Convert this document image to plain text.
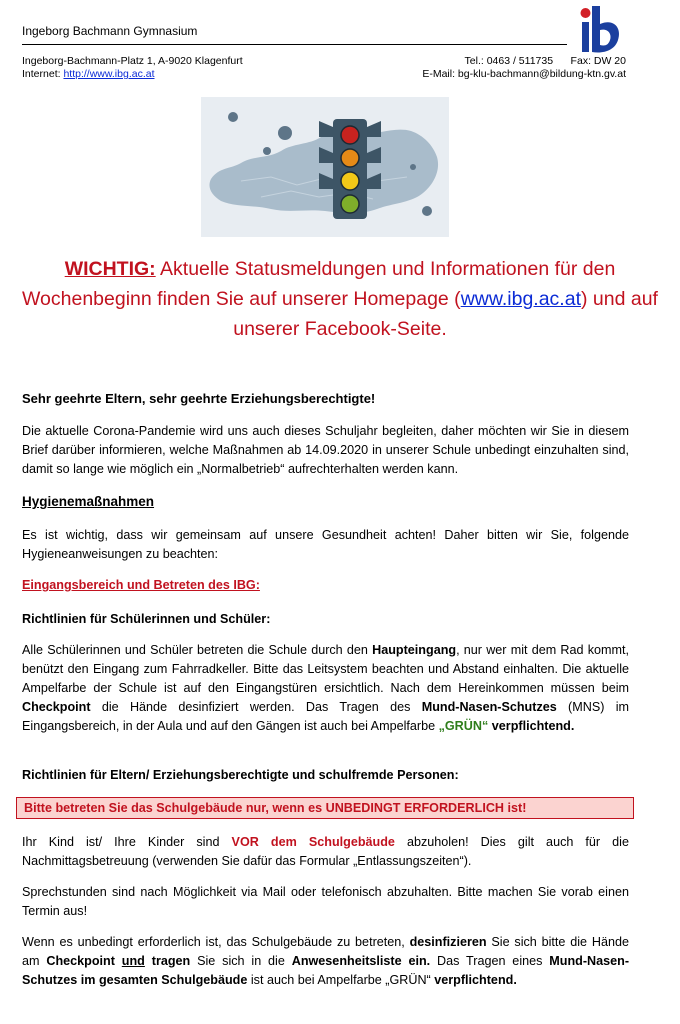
Ingeborg Bachmann Gymnasium
Ingeborg-Bachmann-Platz 1, A-9020 Klagenfurt
Internet: http://www.ibg.ac.at
Tel.: 0463 / 511735      Fax: DW 20
E-Mail: bg-klu-bachmann@bildung-ktn.gv.at
WICHTIG: Aktuelle Statusmeldungen und Informationen für den Wochenbeginn finden Sie auf unserer Homepage (www.ibg.ac.at) und auf unserer Facebook-Seite.
Sehr geehrte Eltern, sehr geehrte Erziehungsberechtigte!
Die aktuelle Corona-Pandemie wird uns auch dieses Schuljahr begleiten, daher möchten wir Sie in diesem Brief darüber informieren, welche Maßnahmen ab 14.09.2020 in unserer Schule unbedingt einzuhalten sind, damit so lange wie möglich ein „Normalbetrieb“ aufrechterhalten werden kann.
Hygienemaßnahmen
Es ist wichtig, dass wir gemeinsam auf unsere Gesundheit achten! Daher bitten wir Sie, folgende Hygieneanweisungen zu beachten:
Eingangsbereich und Betreten des IBG:
Richtlinien für Schülerinnen und Schüler:
Alle Schülerinnen und Schüler betreten die Schule durch den Haupteingang, nur wer mit dem Rad kommt, benützt den Eingang zum Fahrradkeller. Bitte das Leitsystem beachten und Abstand einhalten. Die aktuelle Ampelfarbe der Schule ist auf den Eingangstüren ersichtlich. Nach dem Hereinkommen müssen beim Checkpoint die Hände desinfiziert werden. Das Tragen des Mund-Nasen-Schutzes (MNS) im Eingangsbereich, in der Aula und auf den Gängen ist auch bei Ampelfarbe „GRÜN“ verpflichtend.
Richtlinien für Eltern/ Erziehungsberechtigte und schulfremde Personen:
Bitte betreten Sie das Schulgebäude nur, wenn es UNBEDINGT ERFORDERLICH ist!
Ihr Kind ist/ Ihre Kinder sind VOR dem Schulgebäude abzuholen! Dies gilt auch für die Nachmittagsbetreuung (verwenden Sie dafür das Formular „Entlassungszeiten“).
Sprechstunden sind nach Möglichkeit via Mail oder telefonisch abzuhalten. Bitte machen Sie vorab einen Termin aus!
Wenn es unbedingt erforderlich ist, das Schulgebäude zu betreten, desinfizieren Sie sich bitte die Hände am Checkpoint und tragen Sie sich in die Anwesenheitsliste ein. Das Tragen eines Mund-Nasen-Schutzes im gesamten Schulgebäude ist auch bei Ampelfarbe „GRÜN“ verpflichtend.
